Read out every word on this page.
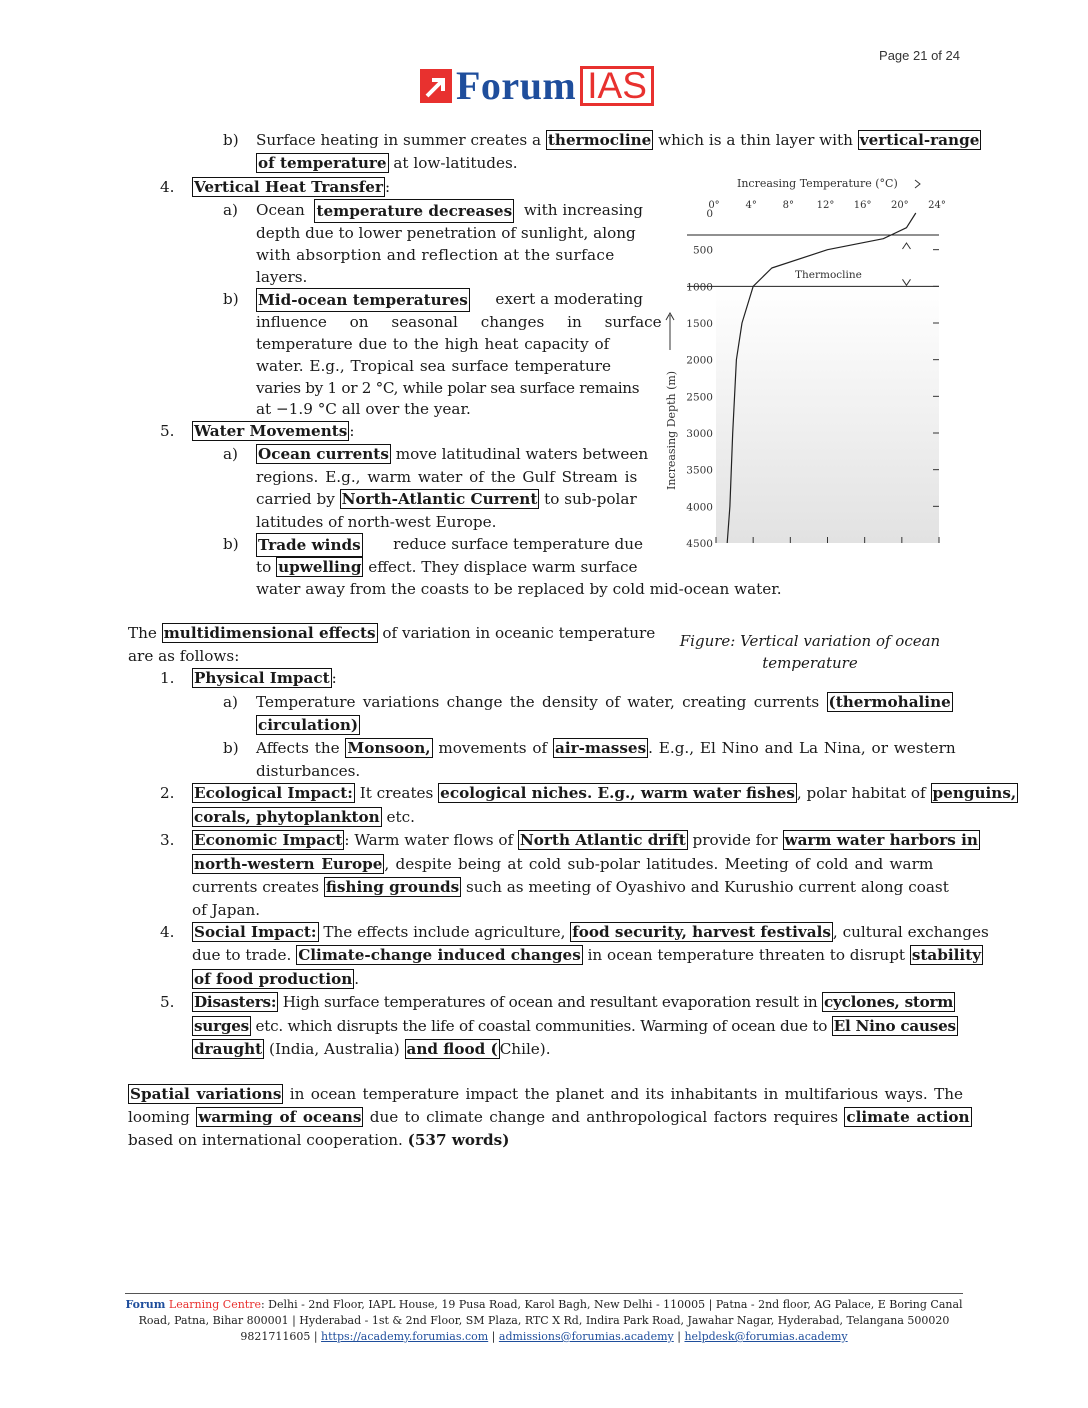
Page 21 of 24
Forum IAS
b) Surface heating in summer creates a thermocline which is a thin layer with vertical-range
of temperature at low-latitudes.
4. Vertical Heat Transfer :
a) Ocean temperature decreases with increasing
depth due to lower penetration of sunlight, along
with absorption and reflection at the surface
layers.
b) Mid-ocean temperatures exert a moderating
influence on seasonal changes in surface
temperature due to the high heat capacity of
water. E.g., Tropical sea surface temperature
varies by 1 or 2 °C, while polar sea surface remains
at −1.9 °C all over the year.
5. Water Movements :
a) Ocean currents move latitudinal waters between
regions. E.g., warm water of the Gulf Stream is
carried by North-Atlantic Current to sub-polar
latitudes of north-west Europe.
b) Trade winds reduce surface temperature due
to upwelling effect. They displace warm surface
water away from the coasts to be replaced by cold mid-ocean water.
0°	4°	8° 12° 16° 20° 24°
0
500
1000
1500
2000
2500
3000
3500
4000
4500
Increasing Temperature (°C)
Increasing Depth (m)
Thermocline
Figure: Vertical variation of ocean
temperature
The multidimensional effects of variation in oceanic temperature
are as follows:
1. Physical Impact :
a) Temperature variations change the density of water, creating currents (thermohaline
circulation)
b) Affects the Monsoon, movements of air-masses . E.g., El Nino and La Nina, or western
disturbances.
2. Ecological Impact: It creates ecological niches. E.g., warm water fishes , polar habitat of penguins,
corals, phytoplankton etc.
3. Economic Impact : Warm water flows of North Atlantic drift provide for warm water harbors in
north-western Europe , despite being at cold sub-polar latitudes. Meeting of cold and warm
currents creates fishing grounds such as meeting of Oyashivo and Kurushio current along coast
of Japan.
4. Social Impact: The effects include agriculture, food security, harvest festivals , cultural exchanges
due to trade. Climate-change induced changes in ocean temperature threaten to disrupt stability
of food production .
5. Disasters: High surface temperatures of ocean and resultant evaporation result in cyclones, storm
surges etc. which disrupts the life of coastal communities. Warming of ocean due to El Nino causes
draught (India, Australia) and flood ( Chile).
Spatial variations in ocean temperature impact the planet and its inhabitants in multifarious ways. The
looming warming of oceans due to climate change and anthropological factors requires climate action
based on international cooperation. (537 words)
Forum Learning Centre: Delhi - 2nd Floor, IAPL House, 19 Pusa Road, Karol Bagh, New Delhi - 110005 | Patna - 2nd floor, AG Palace, E Boring Canal
Road, Patna, Bihar 800001 | Hyderabad - 1st & 2nd Floor, SM Plaza, RTC X Rd, Indira Park Road, Jawahar Nagar, Hyderabad, Telangana 500020
9821711605 | https://academy.forumias.com | admissions@forumias.academy | helpdesk@forumias.academy
